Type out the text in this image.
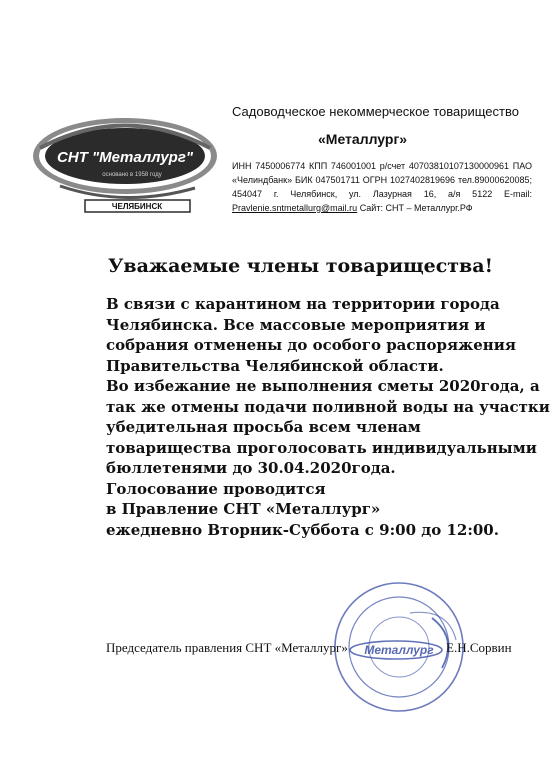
СНТ "Металлург"
основано в 1958 году
ЧЕЛЯБИНСК
Садоводческое некоммерческое товарищество
«Металлург»
ИНН 7450006774 КПП 746001001 р/счет 40703810107130000961 ПАО «Челиндбанк» БИК 047501711 ОГРН 1027402819696 тел.89000620085; 454047 г. Челябинск, ул. Лазурная 16, а/я 5122 E-mail: Pravlenie.sntmetallurg@mail.ru Сайт: СНТ – Металлург.РФ
Уважаемые члены товарищества!
В связи с карантином на территории города
Челябинска. Все массовые мероприятия и
собрания отменены до особого распоряжения
Правительства Челябинской области.
Во избежание не выполнения сметы 2020года, а
так же отмены подачи поливной воды на участки
убедительная просьба всем членам
товарищества проголосовать индивидуальными
бюллетенями до 30.04.2020года.
Голосование проводится
в Правление СНТ «Металлург»
ежедневно Вторник-Суббота с 9:00 до 12:00.
Металлург
Председатель правления СНТ «Металлург»	Е.Н.Сорвин
